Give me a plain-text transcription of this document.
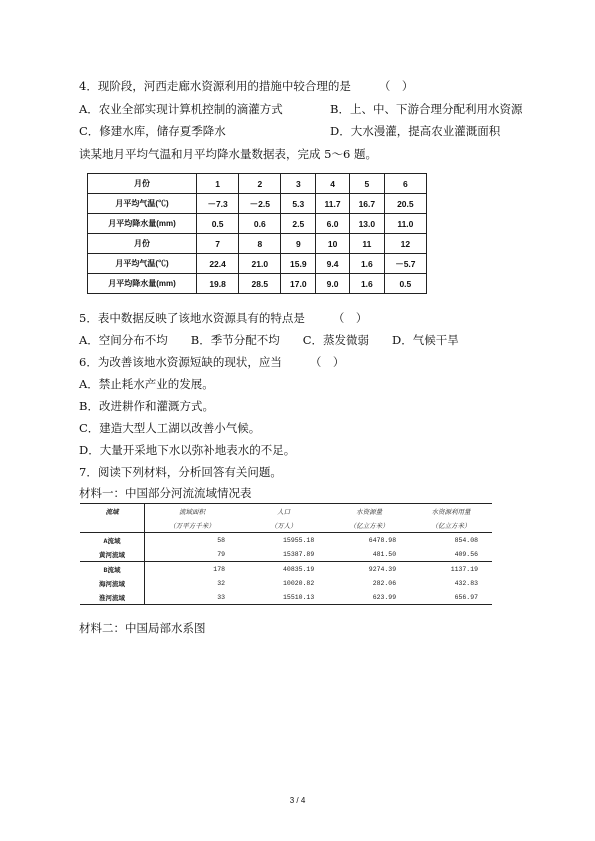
4．现阶段，河西走廊水资源利用的措施中较合理的是 （　）
A．农业全部实现计算机控制的滴灌方式	B．上、中、下游合理分配利用水资源
C．修建水库，储存夏季降水	D．大水漫灌，提高农业灌溉面积
读某地月平均气温和月平均降水量数据表，完成 5～6 题。
月份	1	2	3	4	5	6
月平均气温(℃)	－7.3	－2.5	5.3	11.7	16.7	20.5
月平均降水量(mm)	0.5	0.6	2.5	6.0	13.0	11.0
月份	7	8	9	10	11	12
月平均气温(℃)	22.4	21.0	15.9	9.4	1.6	－5.7
月平均降水量(mm)	19.8	28.5	17.0	9.0	1.6	0.5
5．表中数据反映了该地水资源具有的特点是 （　）
A．空间分布不均　　B．季节分配不均　　C．蒸发微弱　　D．气候干旱
6．为改善该地水资源短缺的现状，应当 （　）
A．禁止耗水产业的发展。
B．改进耕作和灌溉方式。
C．建造大型人工湖以改善小气候。
D．大量开采地下水以弥补地表水的不足。
7．阅读下列材料，分析回答有关问题。
材料一：中国部分河流流域情况表
流域	流域面积	人口	水资源量	水资源利用量
	（万平方千米）	（万人）	（亿立方米）	（亿立方米）
A流域	58	15955.18	6478.98	854.08
黄河流域	79	15387.89	481.50	409.56
B流域	178	40835.19	9274.39	1137.19
海河流域	32	10020.82	282.06	432.83
淮河流域	33	15510.13	623.99	656.97
材料二：中国局部水系图
3 / 4
